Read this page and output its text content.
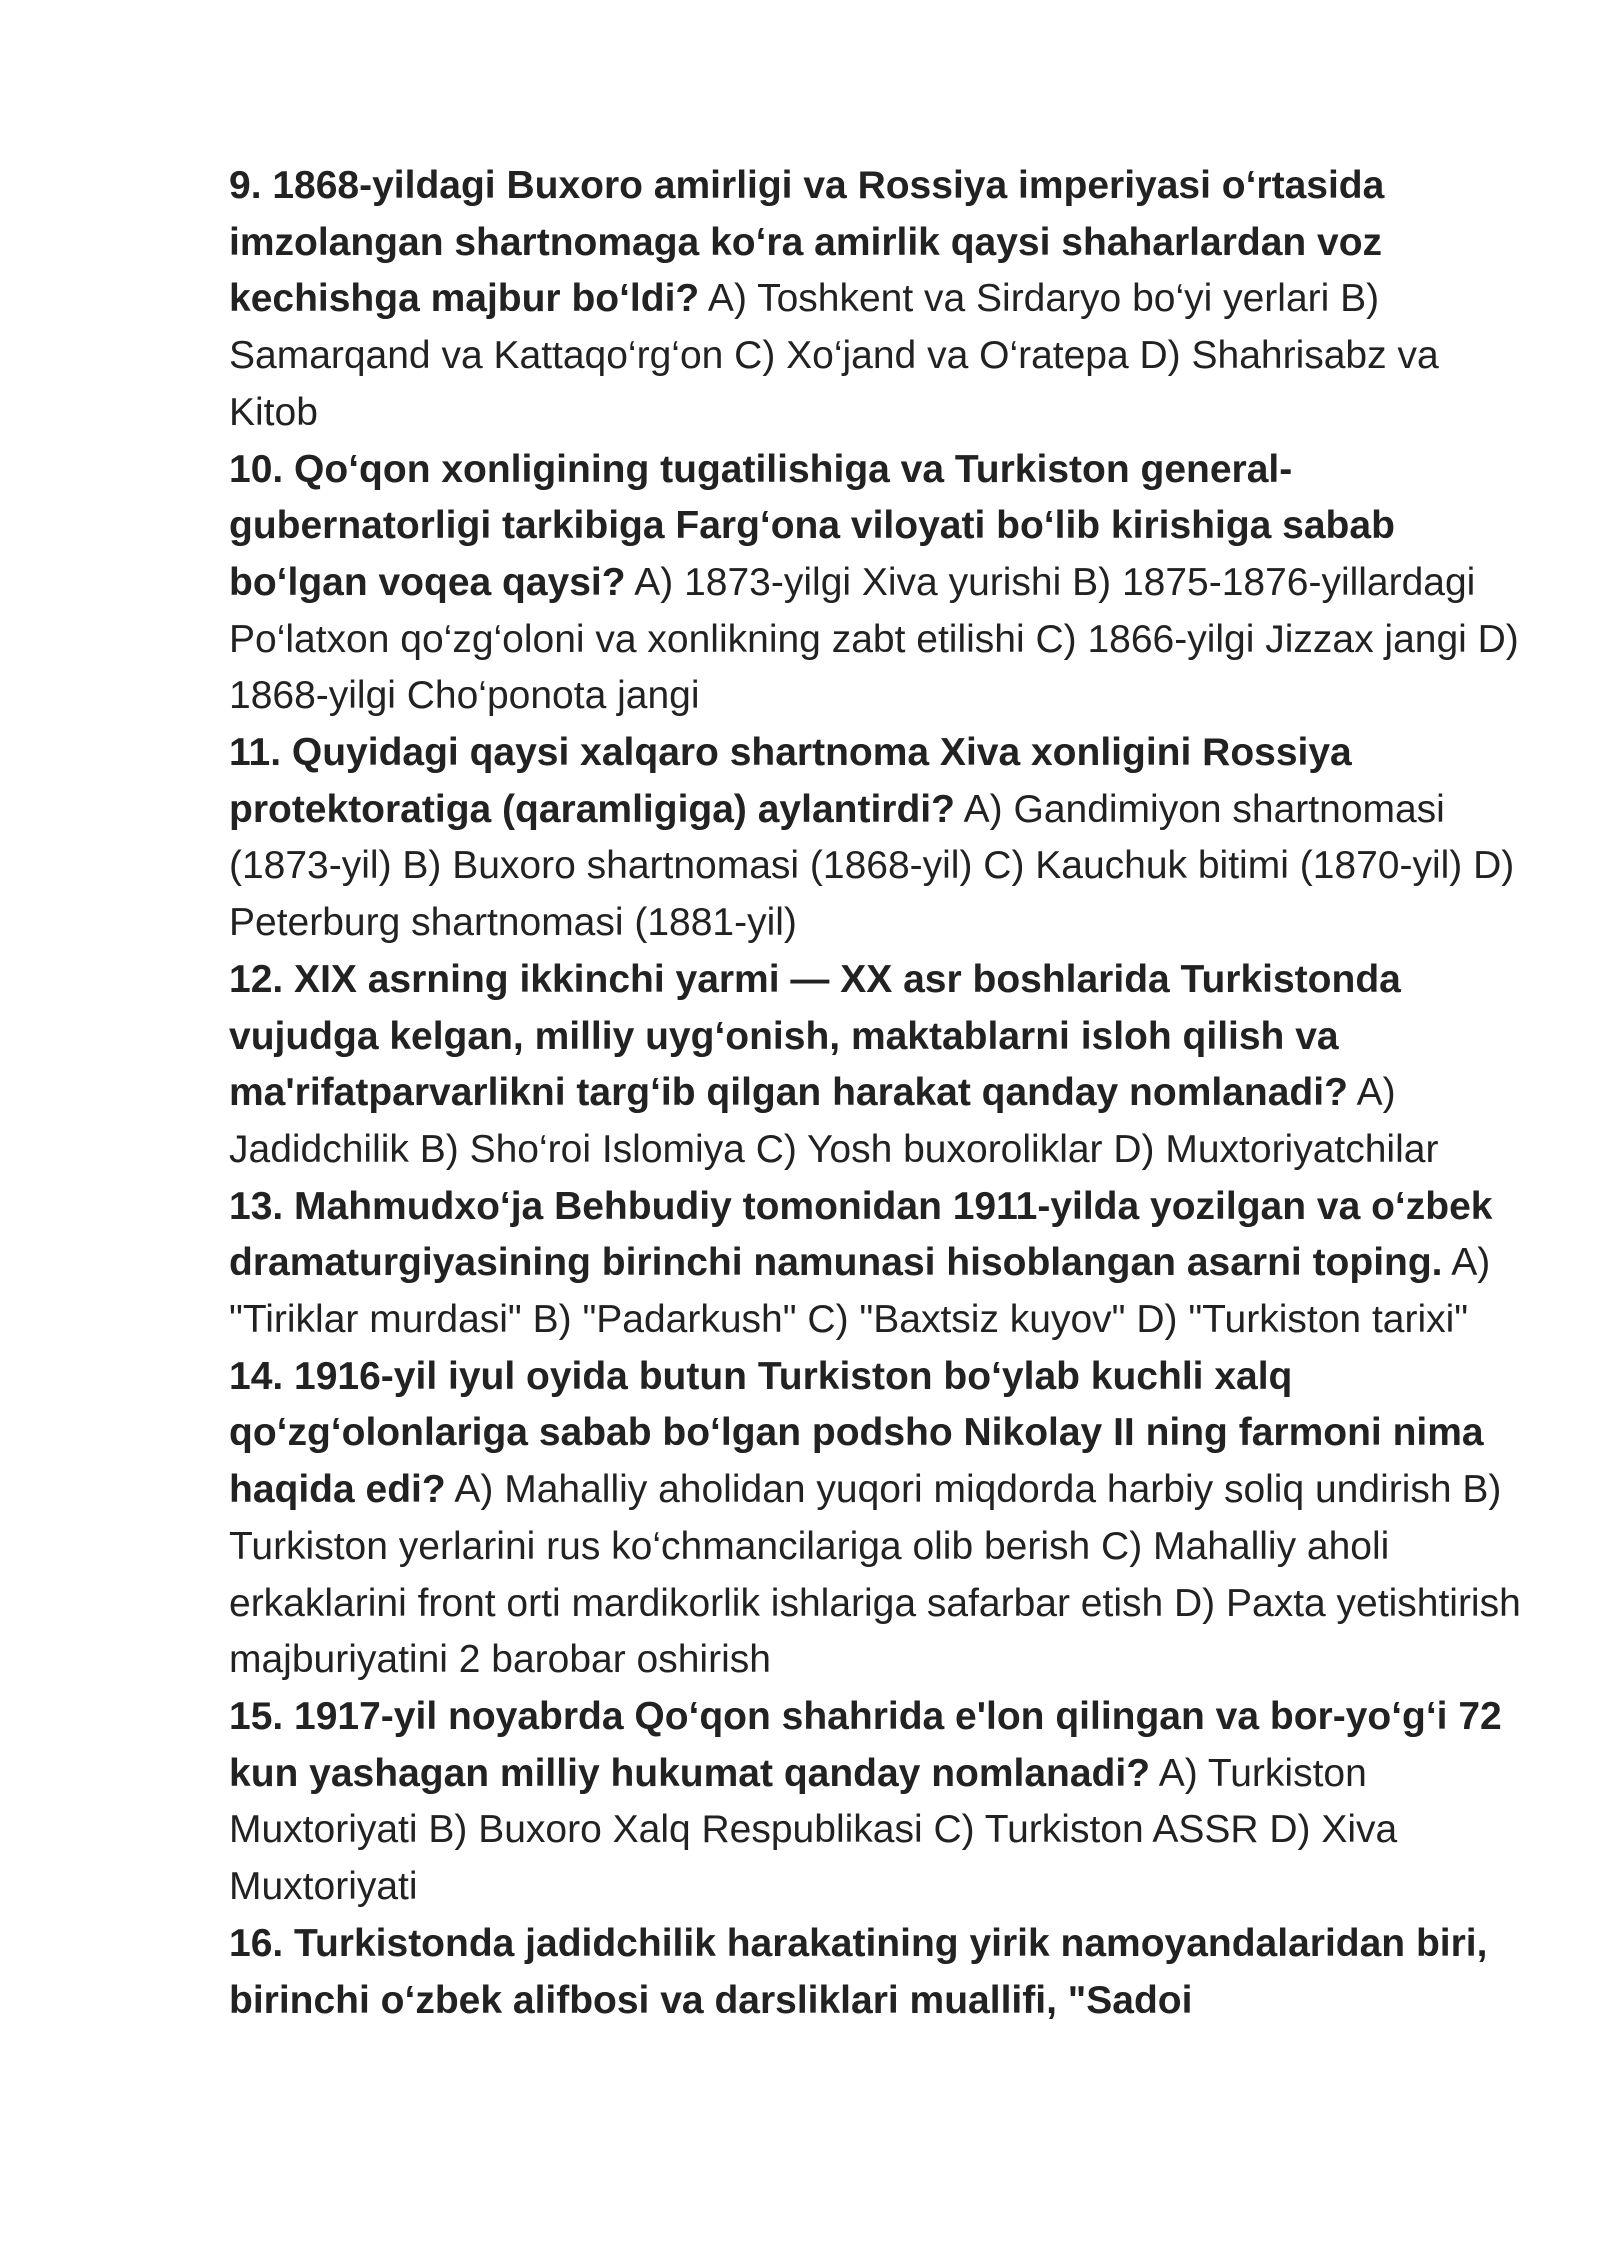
9. 1868-yildagi Buxoro amirligi va Rossiya imperiyasi o‘rtasida imzolangan shartnomaga ko‘ra amirlik qaysi shaharlardan voz kechishga majbur bo‘ldi? A) Toshkent va Sirdaryo bo‘yi yerlari B) Samarqand va Kattaqo‘rg‘on C) Xo‘jand va O‘ratepa D) Shahrisabz va Kitob

10. Qo‘qon xonligining tugatilishiga va Turkiston general-gubernatorligi tarkibiga Farg‘ona viloyati bo‘lib kirishiga sabab bo‘lgan voqea qaysi? A) 1873-yilgi Xiva yurishi B) 1875-1876-yillardagi Po‘latxon qo‘zg‘oloni va xonlikning zabt etilishi C) 1866-yilgi Jizzax jangi D) 1868-yilgi Cho‘ponota jangi

11. Quyidagi qaysi xalqaro shartnoma Xiva xonligini Rossiya protektoratiga (qaramligiga) aylantirdi? A) Gandimiyon shartnomasi (1873-yil) B) Buxoro shartnomasi (1868-yil) C) Kauchuk bitimi (1870-yil) D) Peterburg shartnomasi (1881-yil)

12. XIX asrning ikkinchi yarmi — XX asr boshlarida Turkistonda vujudga kelgan, milliy uyg‘onish, maktablarni isloh qilish va ma'rifatparvarlikni targ‘ib qilgan harakat qanday nomlanadi? A) Jadidchilik B) Sho‘roi Islomiya C) Yosh buxoroliklar D) Muxtoriyatchilar

13. Mahmudxo‘ja Behbudiy tomonidan 1911-yilda yozilgan va o‘zbek dramaturgiyasining birinchi namunasi hisoblangan asarni toping. A) "Tiriklar murdasi" B) "Padarkush" C) "Baxtsiz kuyov" D) "Turkiston tarixi"

14. 1916-yil iyul oyida butun Turkiston bo‘ylab kuchli xalq qo‘zg‘olonlariga sabab bo‘lgan podsho Nikolay II ning farmoni nima haqida edi? A) Mahalliy aholidan yuqori miqdorda harbiy soliq undirish B) Turkiston yerlarini rus ko‘chmancilariga olib berish C) Mahalliy aholi erkaklarini front orti mardikorlik ishlariga safarbar etish D) Paxta yetishtirish majburiyatini 2 barobar oshirish

15. 1917-yil noyabrda Qo‘qon shahrida e'lon qilingan va bor-yo‘g‘i 72 kun yashagan milliy hukumat qanday nomlanadi? A) Turkiston Muxtoriyati B) Buxoro Xalq Respublikasi C) Turkiston ASSR D) Xiva Muxtoriyati

16. Turkistonda jadidchilik harakatining yirik namoyandalaridan biri, birinchi o‘zbek alifbosi va darsliklari muallifi, "Sadoi
